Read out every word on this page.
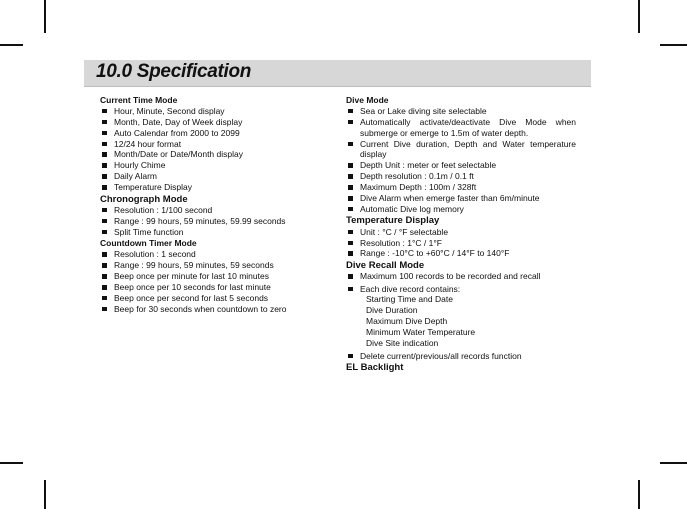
10.0 Specification
Current Time Mode
Hour, Minute, Second display
Month, Date, Day of Week display
Auto Calendar from 2000 to 2099
12/24 hour format
Month/Date or Date/Month display
Hourly Chime
Daily Alarm
Temperature Display
Chronograph Mode
Resolution : 1/100 second
Range : 99 hours, 59 minutes, 59.99 seconds
Split Time function
Countdown Timer Mode
Resolution : 1 second
Range : 99 hours, 59 minutes, 59 seconds
Beep once per minute for last 10 minutes
Beep once per 10 seconds for last minute
Beep once per second for last 5 seconds
Beep for 30 seconds when countdown to zero
Dive Mode
Sea or Lake diving site selectable
Automatically activate/deactivate Dive Mode when submerge or emerge to 1.5m of water depth.
Current Dive duration, Depth and Water temperature display
Depth Unit : meter or feet selectable
Depth resolution : 0.1m / 0.1 ft
Maximum Depth : 100m / 328ft
Dive Alarm when emerge faster than 6m/minute
Automatic Dive log memory
Temperature Display
Unit : °C / °F selectable
Resolution : 1°C / 1°F
Range : -10°C to +60°C / 14°F to 140°F
Dive Recall Mode
Maximum 100 records to be recorded and recall
Each dive record contains:
Starting Time and Date
Dive Duration
Maximum Dive Depth
Minimum Water Temperature
Dive Site indication
Delete current/previous/all records function
EL Backlight
